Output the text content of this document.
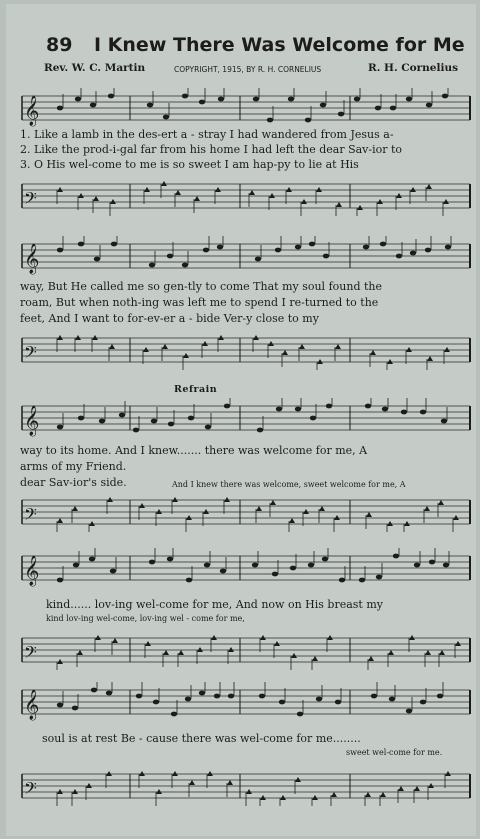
89 I Knew There Was Welcome for Me
Rev. W. C. Martin	COPYRIGHT, 1915, BY R. H. CORNELIUS	R. H. Cornelius
𝄞
1. Like a lamb in the des-ert a - stray I had wandered from Jesus a-
2. Like the prod-i-gal far from his home I had left the dear Sav-ior to
3. O His wel-come to me is so sweet I am hap-py to lie at His
𝄢
𝄞
way, But He called me so gen-tly to come That my soul found the
roam, But when noth-ing was left me to spend I re-turned to the
feet, And I want to for-ev-er a - bide Ver-y close to my
𝄢
Refrain
𝄞
way to its home. And I knew....... there was welcome for me, A
arms of my Friend.
dear Sav-ior's side.	And I knew there was welcome, sweet welcome for me, A
𝄢
𝄞
kind...... lov-ing wel-come for me, And now on His breast my
kind lov-ing wel-come, lov-ing wel - come for me,
𝄢
𝄞
soul is at rest Be - cause there was wel-come for me........
sweet wel-come for me.
𝄢
